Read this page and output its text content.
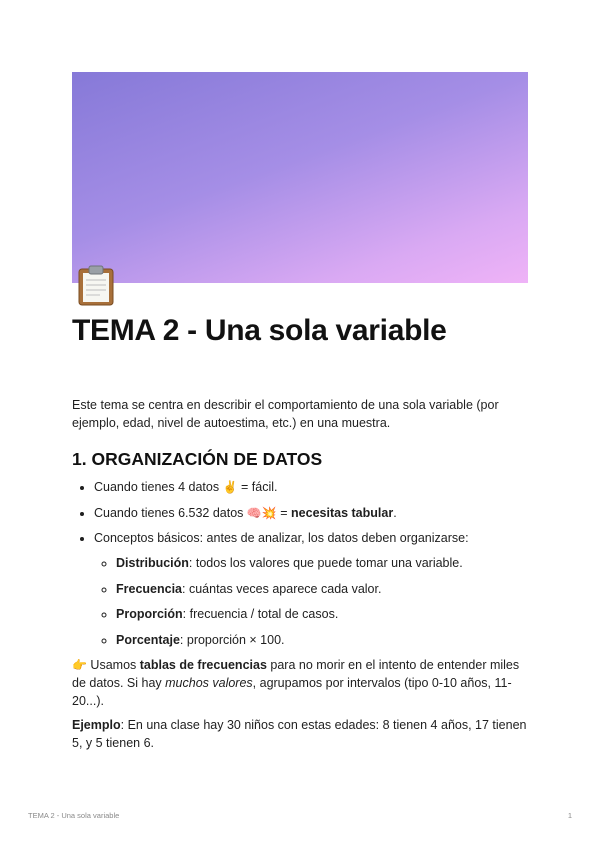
TEMA 2 - Una sola variable

Este tema se centra en describir el comportamiento de una sola variable (por ejemplo, edad, nivel de autoestima, etc.) en una muestra.

1. ORGANIZACIÓN DE DATOS
• Cuando tienes 4 datos ✌️ = fácil.
• Cuando tienes 6.532 datos 🧠💥 = necesitas tabular.
• Conceptos básicos: antes de analizar, los datos deben organizarse:
◦ Distribución: todos los valores que puede tomar una variable.
◦ Frecuencia: cuántas veces aparece cada valor.
◦ Proporción: frecuencia / total de casos.
◦ Porcentaje: proporción × 100.

👉 Usamos tablas de frecuencias para no morir en el intento de entender miles de datos. Si hay muchos valores, agrupamos por intervalos (tipo 0-10 años, 11-20...).

Ejemplo: En una clase hay 30 niños con estas edades: 8 tienen 4 años, 17 tienen 5, y 5 tienen 6.

TEMA 2 - Una sola variable	1
